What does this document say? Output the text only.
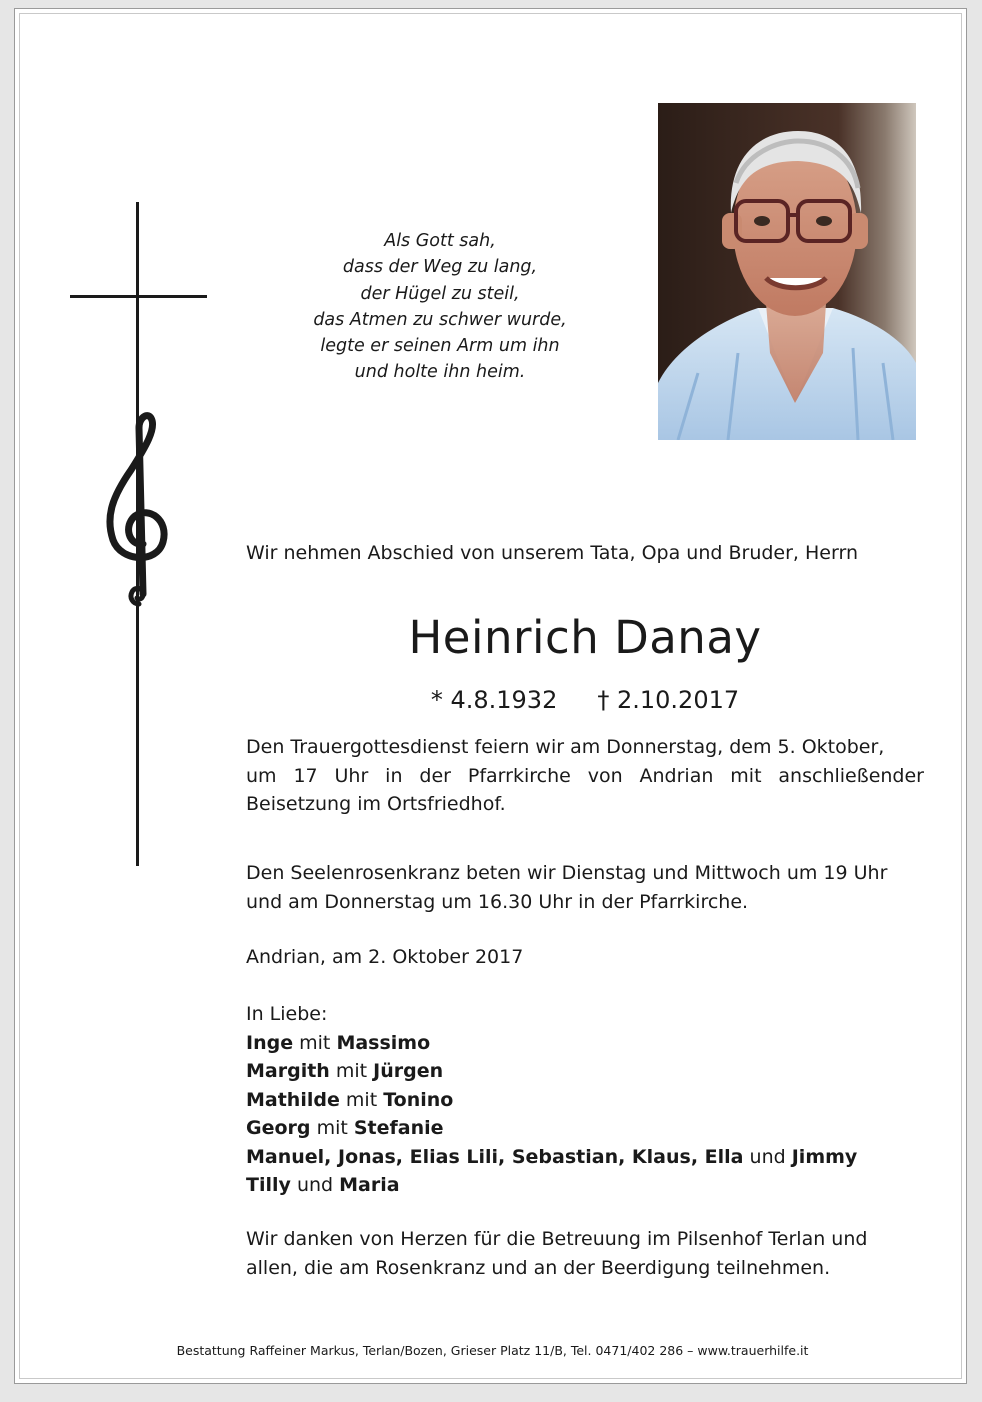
Als Gott sah,
dass der Weg zu lang,
der Hügel zu steil,
das Atmen zu schwer wurde,
legte er seinen Arm um ihn
und holte ihn heim.
Wir nehmen Abschied von unserem Tata, Opa und Bruder, Herrn
Heinrich Danay
* 4.8.1932 † 2.10.2017
Den Trauergottesdienst feiern wir am Donnerstag, dem 5. Oktober,
um 17 Uhr in der Pfarrkirche von Andrian mit anschließender
Beisetzung im Ortsfriedhof.
Den Seelenrosenkranz beten wir Dienstag und Mittwoch um 19 Uhr
und am Donnerstag um 16.30 Uhr in der Pfarrkirche.
Andrian, am 2. Oktober 2017
In Liebe:
Inge mit Massimo
Margith mit Jürgen
Mathilde mit Tonino
Georg mit Stefanie
Manuel, Jonas, Elias Lili, Sebastian, Klaus, Ella und Jimmy
Tilly und Maria
Wir danken von Herzen für die Betreuung im Pilsenhof Terlan und
allen, die am Rosenkranz und an der Beerdigung teilnehmen.
Bestattung Raffeiner Markus, Terlan/Bozen, Grieser Platz 11/B, Tel. 0471/402 286 – www.trauerhilfe.it
